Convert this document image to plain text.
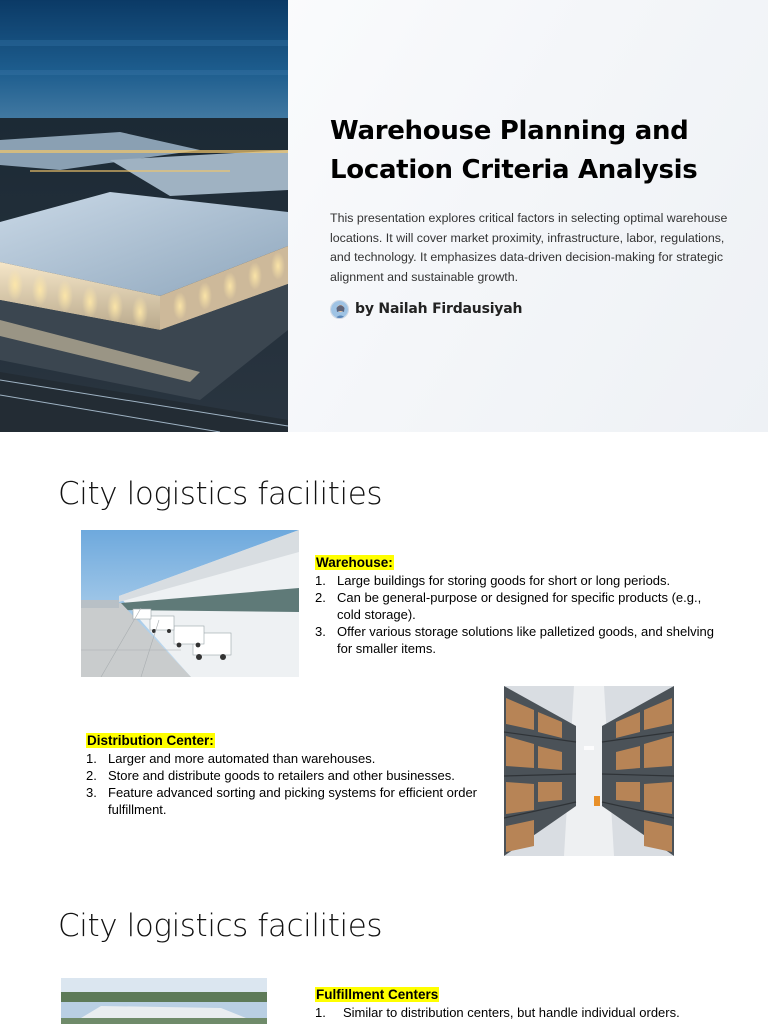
Warehouse Planning and
Location Criteria Analysis
This presentation explores critical factors in selecting optimal warehouse locations. It will cover market proximity, infrastructure, labor, regulations, and technology. It emphasizes data-driven decision-making for strategic alignment and sustainable growth.
by Nailah Firdausiyah
City logistics facilities
Warehouse:
1. Large buildings for storing goods for short or long periods.
2. Can be general-purpose or designed for specific products (e.g., cold storage).
3. Offer various storage solutions like palletized goods, and shelving for smaller items.
Distribution Center:
1. Larger and more automated than warehouses.
2. Store and distribute goods to retailers and other businesses.
3. Feature advanced sorting and picking systems for efficient order fulfillment.
City logistics facilities
Fulfillment Centers
1. Similar to distribution centers, but handle individual orders.
